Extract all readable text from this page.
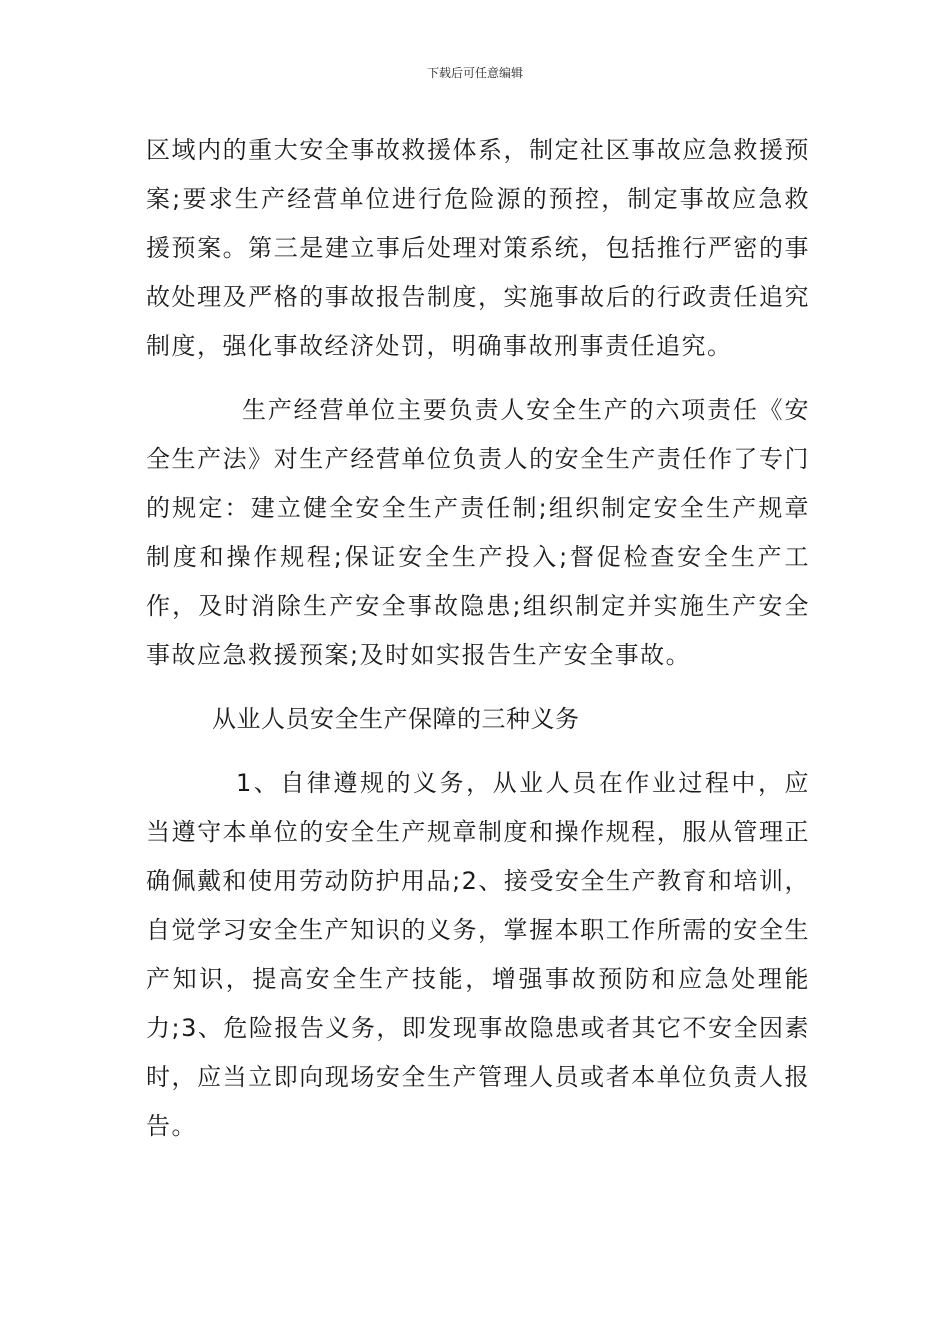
下载后可任意编辑

区域内的重大安全事故救援体系，制定社区事故应急救援预案;要求生产经营单位进行危险源的预控，制定事故应急救援预案。第三是建立事后处理对策系统，包括推行严密的事故处理及严格的事故报告制度，实施事故后的行政责任追究制度，强化事故经济处罚，明确事故刑事责任追究。

生产经营单位主要负责人安全生产的六项责任《安全生产法》对生产经营单位负责人的安全生产责任作了专门的规定：建立健全安全生产责任制;组织制定安全生产规章制度和操作规程;保证安全生产投入;督促检查安全生产工作，及时消除生产安全事故隐患;组织制定并实施生产安全事故应急救援预案;及时如实报告生产安全事故。

从业人员安全生产保障的三种义务

1、自律遵规的义务，从业人员在作业过程中，应当遵守本单位的安全生产规章制度和操作规程，服从管理正确佩戴和使用劳动防护用品;2、接受安全生产教育和培训，自觉学习安全生产知识的义务，掌握本职工作所需的安全生产知识，提高安全生产技能，增强事故预防和应急处理能力;3、危险报告义务，即发现事故隐患或者其它不安全因素时，应当立即向现场安全生产管理人员或者本单位负责人报告。
